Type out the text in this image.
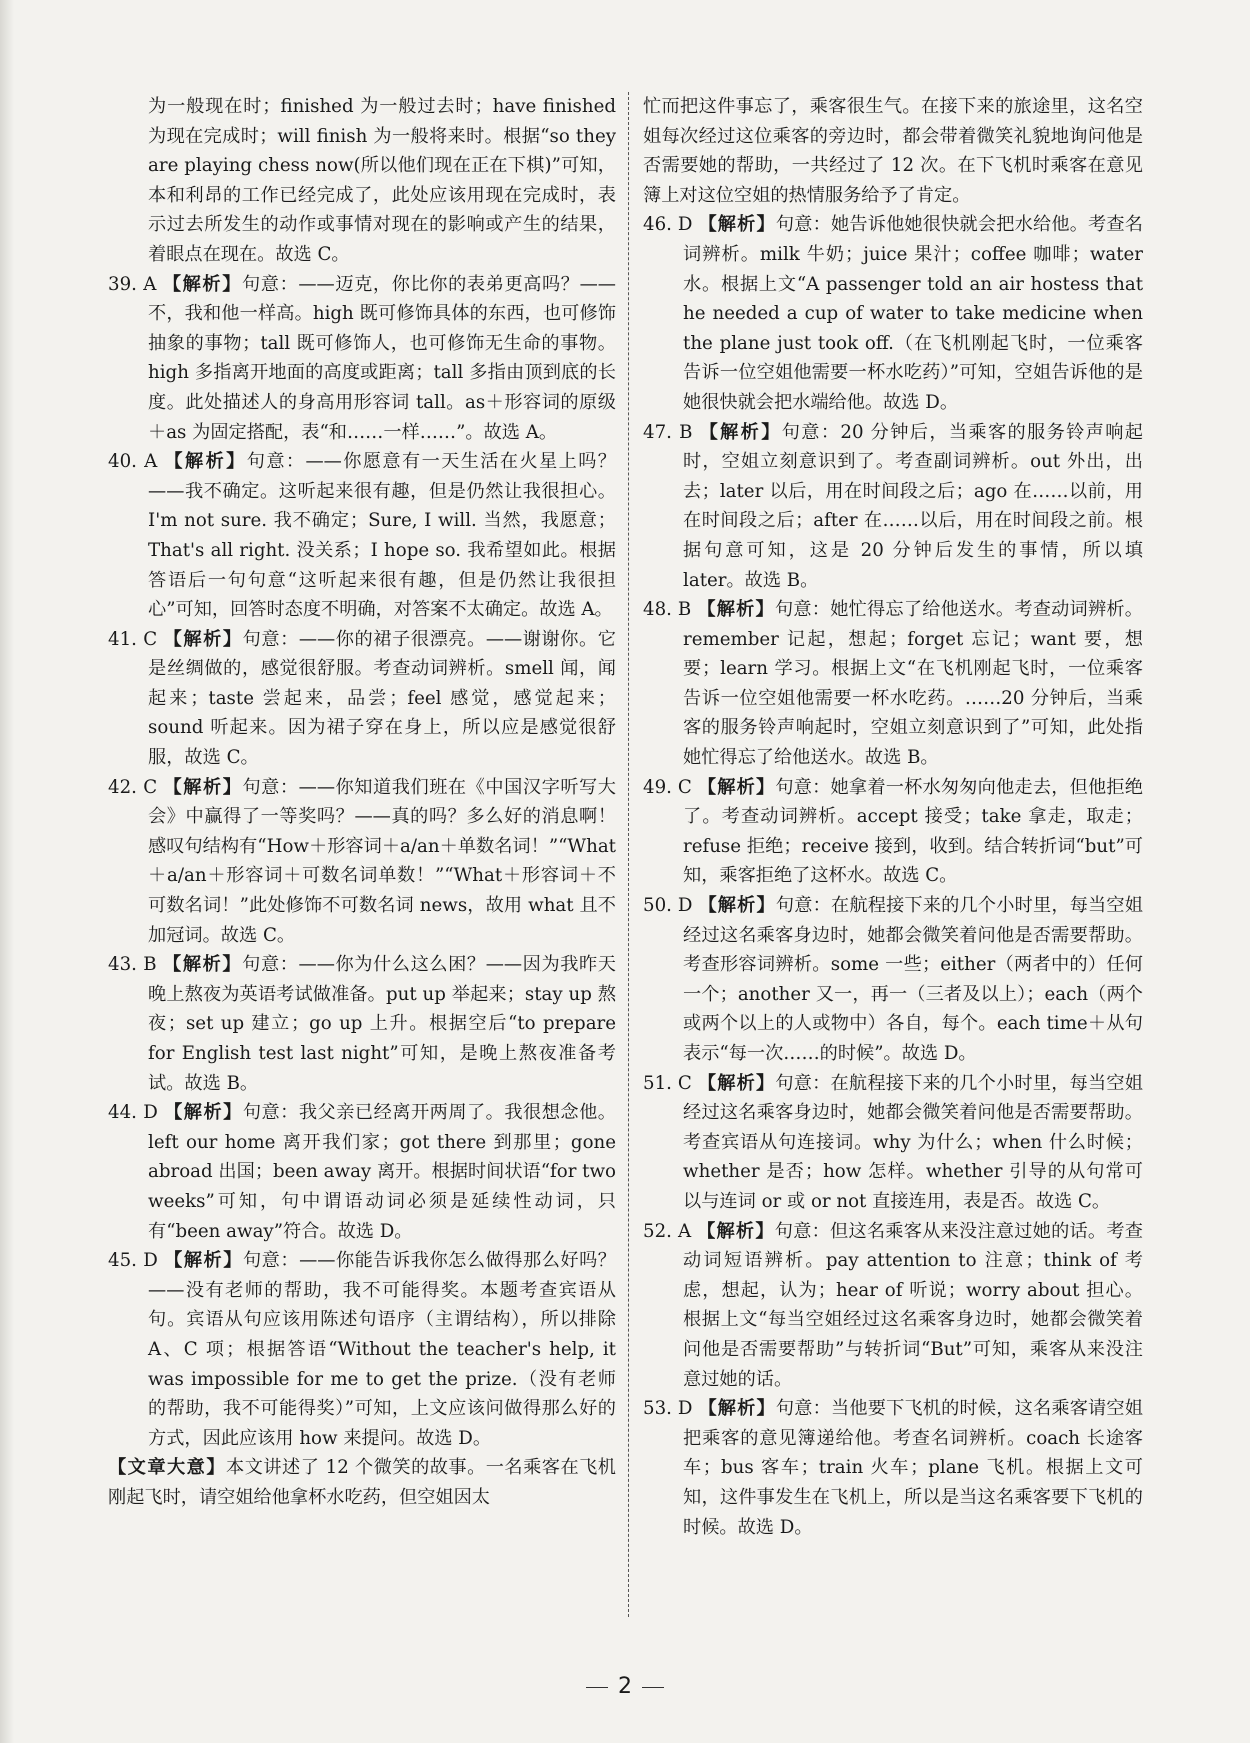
为一般现在时；finished 为一般过去时；have finished 为现在完成时；will finish 为一般将来时。根据“so they are playing chess now(所以他们现在正在下棋)”可知，本和利昂的工作已经完成了，此处应该用现在完成时，表示过去所发生的动作或事情对现在的影响或产生的结果，着眼点在现在。故选 C。

39. A 【解析】句意：——迈克，你比你的表弟更高吗？——不，我和他一样高。high 既可修饰具体的东西，也可修饰抽象的事物；tall 既可修饰人，也可修饰无生命的事物。high 多指离开地面的高度或距离；tall 多指由顶到底的长度。此处描述人的身高用形容词 tall。as＋形容词的原级＋as 为固定搭配，表“和……一样……”。故选 A。

40. A 【解析】句意：——你愿意有一天生活在火星上吗？——我不确定。这听起来很有趣，但是仍然让我很担心。I'm not sure. 我不确定；Sure, I will. 当然，我愿意；That's all right. 没关系；I hope so. 我希望如此。根据答语后一句句意“这听起来很有趣，但是仍然让我很担心”可知，回答时态度不明确，对答案不太确定。故选 A。

41. C 【解析】句意：——你的裙子很漂亮。——谢谢你。它是丝绸做的，感觉很舒服。考查动词辨析。smell 闻，闻起来；taste 尝起来，品尝；feel 感觉，感觉起来；sound 听起来。因为裙子穿在身上，所以应是感觉很舒服，故选 C。

42. C 【解析】句意：——你知道我们班在《中国汉字听写大会》中赢得了一等奖吗？——真的吗？多么好的消息啊！感叹句结构有“How＋形容词＋a/an＋单数名词！”“What＋a/an＋形容词＋可数名词单数！”“What＋形容词＋不可数名词！”此处修饰不可数名词 news，故用 what 且不加冠词。故选 C。

43. B 【解析】句意：——你为什么这么困？——因为我昨天晚上熬夜为英语考试做准备。put up 举起来；stay up 熬夜；set up 建立；go up 上升。根据空后“to prepare for English test last night”可知，是晚上熬夜准备考试。故选 B。

44. D 【解析】句意：我父亲已经离开两周了。我很想念他。left our home 离开我们家；got there 到那里；gone abroad 出国；been away 离开。根据时间状语“for two weeks”可知，句中谓语动词必须是延续性动词，只有“been away”符合。故选 D。

45. D 【解析】句意：——你能告诉我你怎么做得那么好吗？——没有老师的帮助，我不可能得奖。本题考查宾语从句。宾语从句应该用陈述句语序（主谓结构），所以排除 A、C 项；根据答语“Without the teacher's help, it was impossible for me to get the prize.（没有老师的帮助，我不可能得奖）”可知，上文应该问做得那么好的方式，因此应该用 how 来提问。故选 D。

【文章大意】本文讲述了 12 个微笑的故事。一名乘客在飞机刚起飞时，请空姐给他拿杯水吃药，但空姐因太

忙而把这件事忘了，乘客很生气。在接下来的旅途里，这名空姐每次经过这位乘客的旁边时，都会带着微笑礼貌地询问他是否需要她的帮助，一共经过了 12 次。在下飞机时乘客在意见簿上对这位空姐的热情服务给予了肯定。

46. D 【解析】句意：她告诉他她很快就会把水给他。考查名词辨析。milk 牛奶；juice 果汁；coffee 咖啡；water 水。根据上文“A passenger told an air hostess that he needed a cup of water to take medicine when the plane just took off.（在飞机刚起飞时，一位乘客告诉一位空姐他需要一杯水吃药）”可知，空姐告诉他的是她很快就会把水端给他。故选 D。

47. B 【解析】句意：20 分钟后，当乘客的服务铃声响起时，空姐立刻意识到了。考查副词辨析。out 外出，出去；later 以后，用在时间段之后；ago 在……以前，用在时间段之后；after 在……以后，用在时间段之前。根据句意可知，这是 20 分钟后发生的事情，所以填 later。故选 B。

48. B 【解析】句意：她忙得忘了给他送水。考查动词辨析。remember 记起，想起；forget 忘记；want 要，想要；learn 学习。根据上文“在飞机刚起飞时，一位乘客告诉一位空姐他需要一杯水吃药。……20 分钟后，当乘客的服务铃声响起时，空姐立刻意识到了”可知，此处指她忙得忘了给他送水。故选 B。

49. C 【解析】句意：她拿着一杯水匆匆向他走去，但他拒绝了。考查动词辨析。accept 接受；take 拿走，取走；refuse 拒绝；receive 接到，收到。结合转折词“but”可知，乘客拒绝了这杯水。故选 C。

50. D 【解析】句意：在航程接下来的几个小时里，每当空姐经过这名乘客身边时，她都会微笑着问他是否需要帮助。考查形容词辨析。some 一些；either（两者中的）任何一个；another 又一，再一（三者及以上）；each（两个或两个以上的人或物中）各自，每个。each time＋从句表示“每一次……的时候”。故选 D。

51. C 【解析】句意：在航程接下来的几个小时里，每当空姐经过这名乘客身边时，她都会微笑着问他是否需要帮助。考查宾语从句连接词。why 为什么；when 什么时候；whether 是否；how 怎样。whether 引导的从句常可以与连词 or 或 or not 直接连用，表是否。故选 C。

52. A 【解析】句意：但这名乘客从来没注意过她的话。考查动词短语辨析。pay attention to 注意；think of 考虑，想起，认为；hear of 听说；worry about 担心。根据上文“每当空姐经过这名乘客身边时，她都会微笑着问他是否需要帮助”与转折词“But”可知，乘客从来没注意过她的话。

53. D 【解析】句意：当他要下飞机的时候，这名乘客请空姐把乘客的意见簿递给他。考查名词辨析。coach 长途客车；bus 客车；train 火车；plane 飞机。根据上文可知，这件事发生在飞机上，所以是当这名乘客要下飞机的时候。故选 D。

2
